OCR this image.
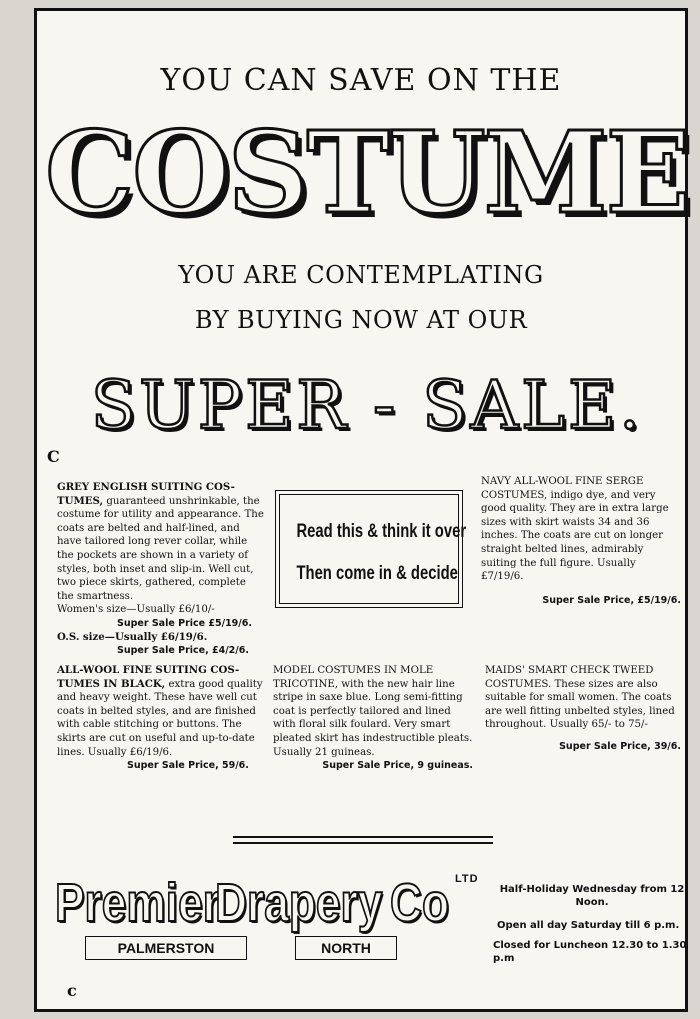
YOU CAN SAVE ON THE
COSTUME
YOU ARE CONTEMPLATING
BY BUYING NOW AT OUR
SUPER - SALE.
C
GREY ENGLISH SUITING COS-TUMES, guaranteed unshrinkable, the costume for utility and appearance. The coats are belted and half-lined, and have tailored long rever collar, while the pockets are shown in a variety of styles, both inset and slip-in. Well cut, two piece skirts, gathered, complete the smartness.
Women's size—Usually £6/10/-
Super Sale Price £5/19/6.
O.S. size—Usually £6/19/6.
Super Sale Price, £4/2/6.
Read this & think it over
Then come in & decide
NAVY ALL-WOOL FINE SERGE COSTUMES, indigo dye, and very good quality. They are in extra large sizes with skirt waists 34 and 36 inches. The coats are cut on longer straight belted lines, admirably suiting the full figure. Usually £7/19/6.
Super Sale Price, £5/19/6.
ALL-WOOL FINE SUITING COS-TUMES IN BLACK, extra good quality and heavy weight. These have well cut coats in belted styles, and are finished with cable stitching or buttons. The skirts are cut on useful and up-to-date lines. Usually £6/19/6.
Super Sale Price, 59/6.
MODEL COSTUMES IN MOLE TRICOTINE, with the new hair line stripe in saxe blue. Long semi-fitting coat is perfectly tailored and lined with floral silk foulard. Very smart pleated skirt has indestructible pleats. Usually 21 guineas.
Super Sale Price, 9 guineas.
MAIDS' SMART CHECK TWEED COSTUMES. These sizes are also suitable for small women. The coats are well fitting unbelted styles, lined throughout. Usually 65/- to 75/-
Super Sale Price, 39/6.
Premier
Drapery Co LTD
PALMERSTON	NORTH
Half-Holiday Wednesday from 12 Noon.
Open all day Saturday till 6 p.m.
Closed for Luncheon 12.30 to 1.30 p.m
c
